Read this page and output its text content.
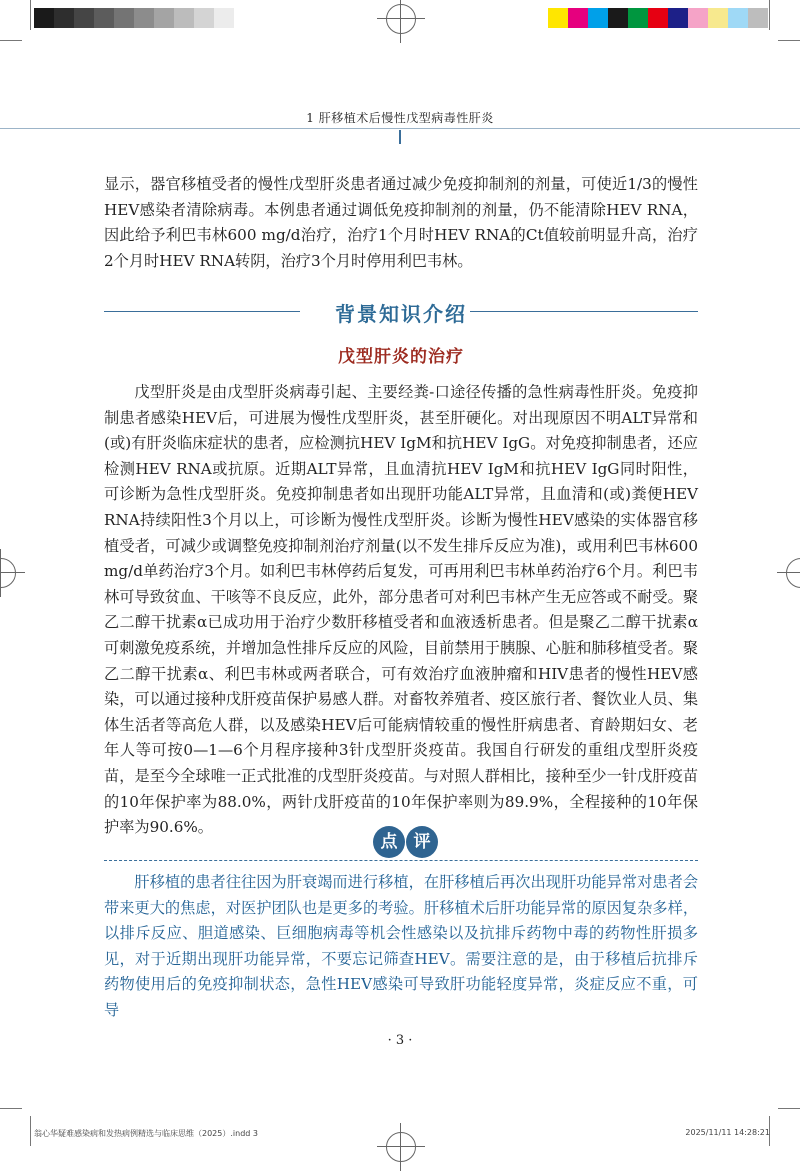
1 肝移植术后慢性戊型病毒性肝炎

显示，器官移植受者的慢性戊型肝炎患者通过减少免疫抑制剂的剂量，可使近1/3的慢性HEV感染者清除病毒。本例患者通过调低免疫抑制剂的剂量，仍不能清除HEV RNA，因此给予利巴韦林600 mg/d治疗，治疗1个月时HEV RNA的Ct值较前明显升高，治疗2个月时HEV RNA转阴，治疗3个月时停用利巴韦林。

背景知识介绍
戊型肝炎的治疗

戊型肝炎是由戊型肝炎病毒引起、主要经粪-口途径传播的急性病毒性肝炎。免疫抑制患者感染HEV后，可进展为慢性戊型肝炎，甚至肝硬化。对出现原因不明ALT异常和(或)有肝炎临床症状的患者，应检测抗HEV IgM和抗HEV IgG。对免疫抑制患者，还应检测HEV RNA或抗原。近期ALT异常，且血清抗HEV IgM和抗HEV IgG同时阳性，可诊断为急性戊型肝炎。免疫抑制患者如出现肝功能ALT异常，且血清和(或)粪便HEV RNA持续阳性3个月以上，可诊断为慢性戊型肝炎。诊断为慢性HEV感染的实体器官移植受者，可减少或调整免疫抑制剂治疗剂量(以不发生排斥反应为准)，或用利巴韦林600 mg/d单药治疗3个月。如利巴韦林停药后复发，可再用利巴韦林单药治疗6个月。利巴韦林可导致贫血、干咳等不良反应，此外，部分患者可对利巴韦林产生无应答或不耐受。聚乙二醇干扰素α已成功用于治疗少数肝移植受者和血液透析患者。但是聚乙二醇干扰素α可刺激免疫系统，并增加急性排斥反应的风险，目前禁用于胰腺、心脏和肺移植受者。聚乙二醇干扰素α、利巴韦林或两者联合，可有效治疗血液肿瘤和HIV患者的慢性HEV感染，可以通过接种戊肝疫苗保护易感人群。对畜牧养殖者、疫区旅行者、餐饮业人员、集体生活者等高危人群，以及感染HEV后可能病情较重的慢性肝病患者、育龄期妇女、老年人等可按0—1—6个月程序接种3针戊型肝炎疫苗。我国自行研发的重组戊型肝炎疫苗，是至今全球唯一正式批准的戊型肝炎疫苗。与对照人群相比，接种至少一针戊肝疫苗的10年保护率为88.0%，两针戊肝疫苗的10年保护率则为89.9%，全程接种的10年保护率为90.6%。

点 评

肝移植的患者往往因为肝衰竭而进行移植，在肝移植后再次出现肝功能异常对患者会带来更大的焦虑，对医护团队也是更多的考验。肝移植术后肝功能异常的原因复杂多样，以排斥反应、胆道感染、巨细胞病毒等机会性感染以及抗排斥药物中毒的药物性肝损多见，对于近期出现肝功能异常，不要忘记筛查HEV。需要注意的是，由于移植后抗排斥药物使用后的免疫抑制状态，急性HEV感染可导致肝功能轻度异常，炎症反应不重，可导

· 3 ·
翁心华疑难感染病和发热病例精选与临床思维（2025）.indd 3	2025/11/11 14:28:21
